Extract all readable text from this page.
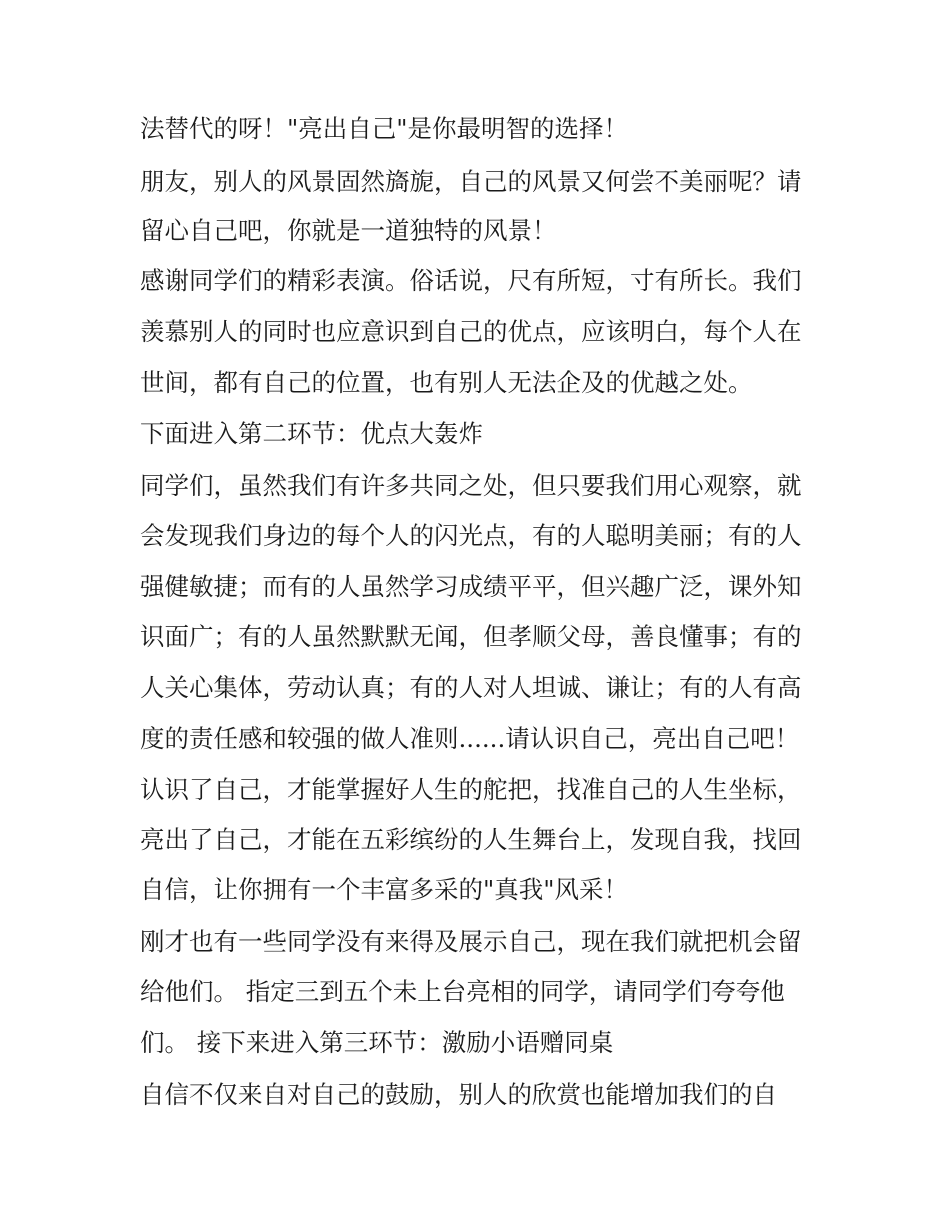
法替代的呀！"亮出自己"是你最明智的选择！
朋友，别人的风景固然旖旎，自己的风景又何尝不美丽呢？请
留心自己吧，你就是一道独特的风景！
感谢同学们的精彩表演。俗话说，尺有所短，寸有所长。我们
羡慕别人的同时也应意识到自己的优点，应该明白，每个人在
世间，都有自己的位置，也有别人无法企及的优越之处。
下面进入第二环节：优点大轰炸
同学们，虽然我们有许多共同之处，但只要我们用心观察，就
会发现我们身边的每个人的闪光点，有的人聪明美丽；有的人
强健敏捷；而有的人虽然学习成绩平平，但兴趣广泛，课外知
识面广；有的人虽然默默无闻，但孝顺父母，善良懂事；有的
人关心集体，劳动认真；有的人对人坦诚、谦让；有的人有高
度的责任感和较强的做人准则......请认识自己，亮出自己吧！
认识了自己，才能掌握好人生的舵把，找准自己的人生坐标，
亮出了自己，才能在五彩缤纷的人生舞台上，发现自我，找回
自信，让你拥有一个丰富多采的"真我"风采！
刚才也有一些同学没有来得及展示自己，现在我们就把机会留
给他们。 指定三到五个未上台亮相的同学，请同学们夸夸他
们。 接下来进入第三环节：激励小语赠同桌
自信不仅来自对自己的鼓励，别人的欣赏也能增加我们的自
